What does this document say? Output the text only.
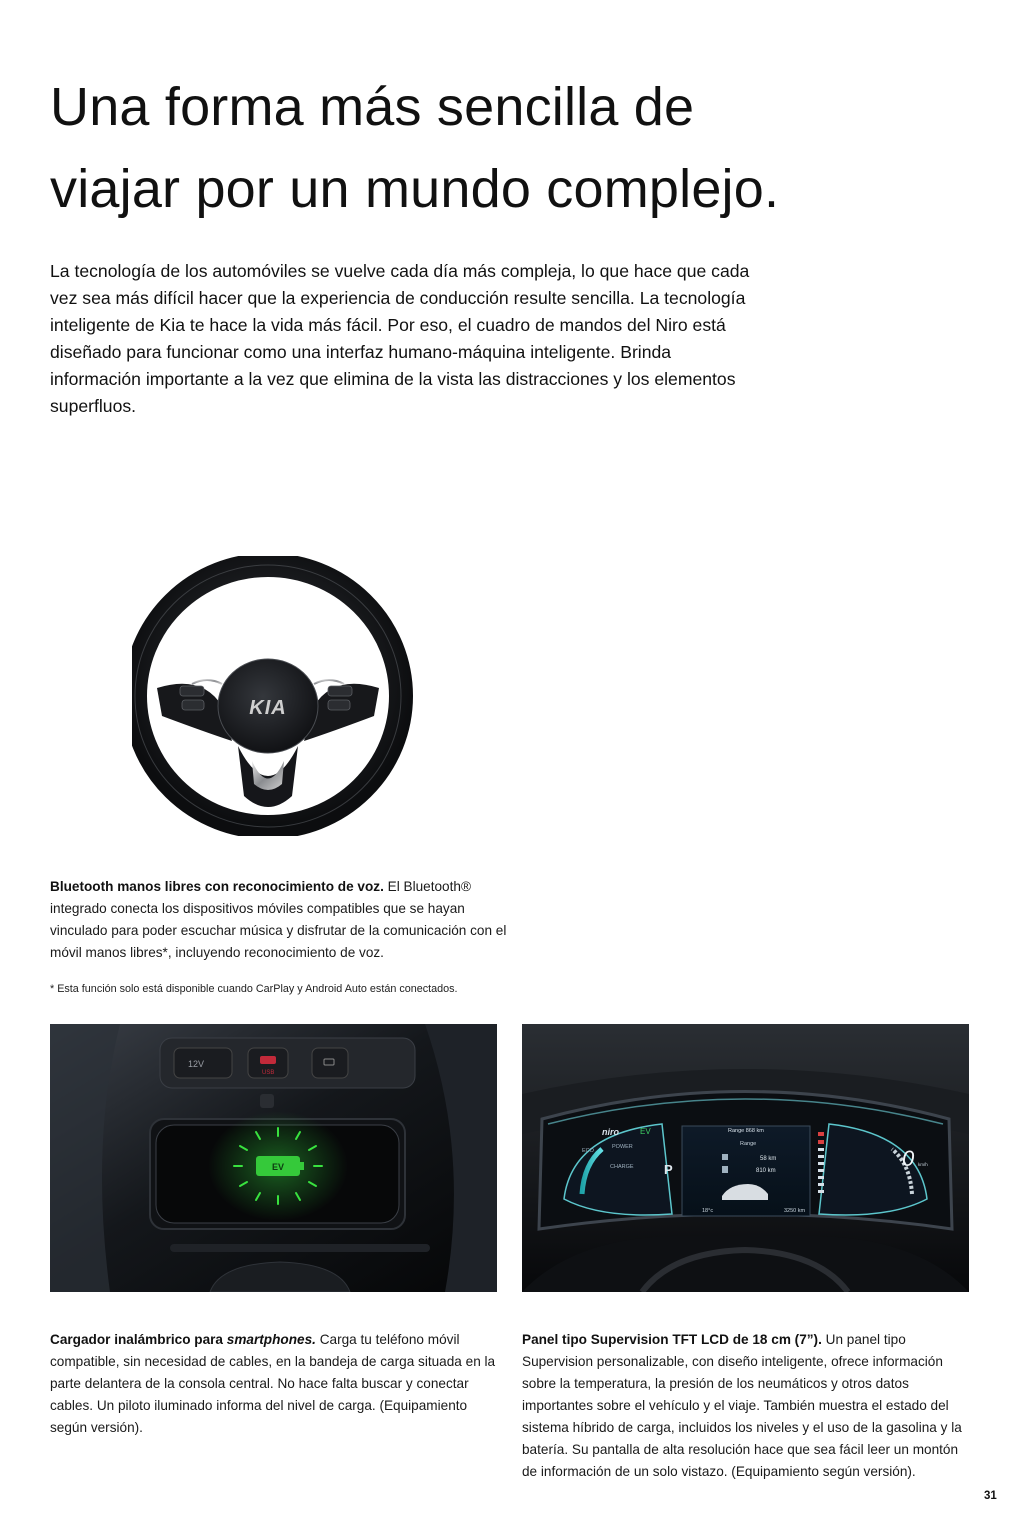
Una forma más sencilla de
viajar por un mundo complejo.

La tecnología de los automóviles se vuelve cada día más compleja, lo que hace que cada vez sea más difícil hacer que la experiencia de conducción resulte sencilla. La tecnología inteligente de Kia te hace la vida más fácil. Por eso, el cuadro de mandos del Niro está diseñado para funcionar como una interfaz humano-máquina inteligente. Brinda información importante a la vez que elimina de la vista las distracciones y los elementos superfluos.

KIA

Bluetooth manos libres con reconocimiento de voz. El Bluetooth® integrado conecta los dispositivos móviles compatibles que se hayan vinculado para poder escuchar música y disfrutar de la comunicación con el móvil manos libres*, incluyendo reconocimiento de voz.

* Esta función solo está disponible cuando CarPlay y Android Auto están conectados.

12V
USB
EV
niro	EV
ECO
POWER
CHARGE P
Range 868 km
Range
58 km
810 km
18°c	3250 km
0 km/h

Cargador inalámbrico para smartphones. Carga tu teléfono móvil compatible, sin necesidad de cables, en la bandeja de carga situada en la parte delantera de la consola central. No hace falta buscar y conectar cables. Un piloto iluminado informa del nivel de carga. (Equipamiento según versión).

Panel tipo Supervision TFT LCD de 18 cm (7”). Un panel tipo Supervision personalizable, con diseño inteligente, ofrece información sobre la temperatura, la presión de los neumáticos y otros datos importantes sobre el vehículo y el viaje. También muestra el estado del sistema híbrido de carga, incluidos los niveles y el uso de la gasolina y la batería. Su pantalla de alta resolución hace que sea fácil leer un montón de información de un solo vistazo. (Equipamiento según versión).

31
